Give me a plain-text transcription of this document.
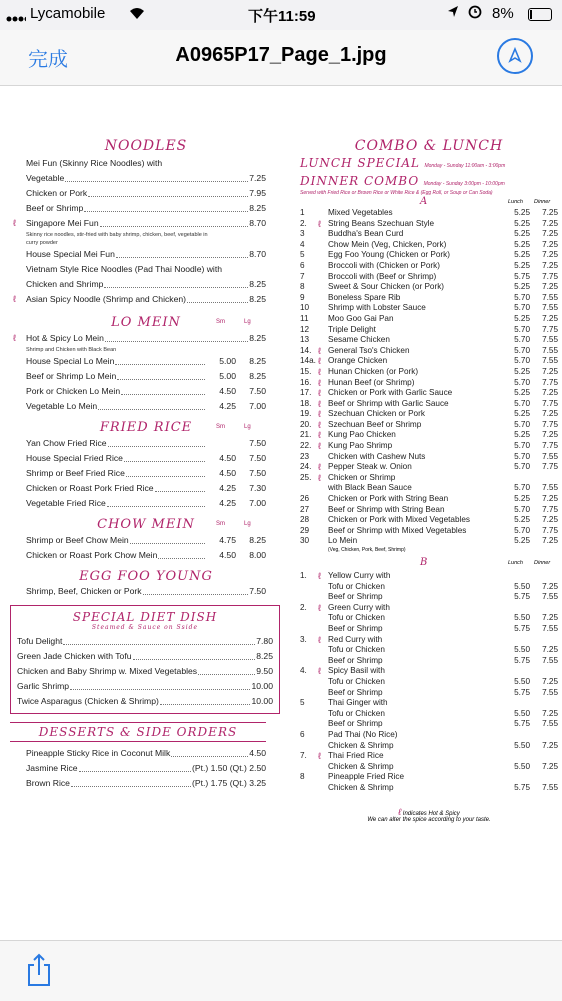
Lycamobile	下午11:59	8%
完成	A0965P17_Page_1.jpg
NOODLES
Mei Fun (Skinny Rice Noodles) with
Vegetable	7.25
Chicken or Pork	7.95
Beef or Shrimp	8.25
ℓ Singapore Mei Fun	8.70
Skinny rice noodles, stir-fried with baby shrimp, chicken, beef, vegetable in
curry powder
House Special Mei Fun	8.70
Vietnam Style Rice Noodles (Pad Thai Noodle) with
Chicken and Shrimp	8.25
ℓ Asian Spicy Noodle (Shrimp and Chicken)	8.25
LO MEIN	Sm	Lg
ℓ Hot & Spicy Lo Mein	8.25
Shrimp and Chicken with Black Bean
House Special Lo Mein	5.00	8.25
Beef or Shrimp Lo Mein	5.00	8.25
Pork or Chicken Lo Mein	4.50	7.50
Vegetable Lo Mein	4.25	7.00
FRIED RICE	Sm	Lg
Yan Chow Fried Rice	7.50
House Special Fried Rice	4.50	7.50
Shrimp or Beef Fried Rice	4.50	7.50
Chicken or Roast Pork Fried Rice	4.25	7.30
Vegetable Fried Rice	4.25	7.00
CHOW MEIN	Sm	Lg
Shrimp or Beef Chow Mein	4.75	8.25
Chicken or Roast Pork Chow Mein	4.50	8.00
EGG FOO YOUNG
Shrimp, Beef, Chicken or Pork	7.50
SPECIAL DIET DISH
Steamed & Sauce on Sside
Tofu Delight	7.80
Green Jade Chicken with Tofu	8.25
Chicken and Baby Shrimp w. Mixed Vegetables	9.50
Garlic Shrimp	10.00
Twice Asparagus (Chicken & Shrimp)	10.00
DESSERTS & SIDE ORDERS
Pineapple Sticky Rice in Coconut Milk	4.50
Jasmine Rice	(Pt.) 1.50 (Qt.) 2.50
Brown Rice	(Pt.) 1.75 (Qt.) 3.25
COMBO & LUNCH
LUNCH SPECIAL Monday - Sunday 11:00am - 3:00pm
DINNER COMBO Monday - Sunday 3:00pm - 10:00pm
Served with Fried Rice or Brown Rice or White Rice & (Egg Roll, or Soup or Can Soda)
A	Lunch Dinner
1	Mixed Vegetables	5.25	7.25
2.	ℓ String Beans Szechuan Style	5.25	7.25
3	Buddha's Bean Curd	5.25	7.25
4	Chow Mein (Veg, Chicken, Pork)	5.25	7.25
5	Egg Foo Young (Chicken or Pork)	5.25	7.25
6	Broccoli with (Chicken or Pork)	5.25	7.25
7	Broccoli with (Beef or Shrimp)	5.75	7.75
8	Sweet & Sour Chicken (or Pork)	5.25	7.25
9	Boneless Spare Rib	5.70	7.55
10	Shrimp with Lobster Sauce	5.70	7.55
11	Moo Goo Gai Pan	5.25	7.25
12	Triple Delight	5.70	7.75
13	Sesame Chicken	5.70	7.55
14. ℓ General Tso's Chicken	5.70	7.55
14a. ℓ Orange Chicken	5.70	7.55
15. ℓ Hunan Chicken (or Pork)	5.25	7.25
16. ℓ Hunan Beef (or Shrimp)	5.70	7.75
17. ℓ Chicken or Pork with Garlic Sauce	5.25	7.25
18. ℓ Beef or Shrimp with Garlic Sauce	5.70	7.75
19. ℓ Szechuan Chicken or Pork	5.25	7.25
20. ℓ Szechuan Beef or Shrimp	5.70	7.75
21. ℓ Kung Pao Chicken	5.25	7.25
22. ℓ Kung Pao Shrimp	5.70	7.75
23	Chicken with Cashew Nuts	5.70	7.55
24. ℓ Pepper Steak w. Onion	5.70	7.75
25. ℓ Chicken or Shrimp
with Black Bean Sauce	5.70	7.55
26	Chicken or Pork with String Bean	5.25	7.25
27	Beef or Shrimp with String Bean	5.70	7.75
28	Chicken or Pork with Mixed Vegetables	5.25	7.25
29	Beef or Shrimp with Mixed Vegetables	5.70	7.75
30	Lo Mein	5.25	7.25
(Veg, Chicken, Pork, Beef, Shrimp)
B	Lunch Dinner
1.	ℓ Yellow Curry with
Tofu or Chicken	5.50	7.25
Beef or Shrimp	5.75	7.55
2.	ℓ Green Curry with
Tofu or Chicken	5.50	7.25
Beef or Shrimp	5.75	7.55
3.	ℓ Red Curry with
Tofu or Chicken	5.50	7.25
Beef or Shrimp	5.75	7.55
4.	ℓ Spicy Basil with
Tofu or Chicken	5.50	7.25
Beef or Shrimp	5.75	7.55
5	Thai Ginger with
Tofu or Chicken	5.50	7.25
Beef or Shrimp	5.75	7.55
6	Pad Thai (No Rice)
Chicken & Shrimp	5.50	7.25
7.	ℓ Thai Fried Rice
Chicken & Shrimp	5.50	7.25
8	Pineapple Fried Rice
Chicken & Shrimp	5.75	7.55
ℓ Indicates Hot & Spicy
We can alter the spice according to your taste.
